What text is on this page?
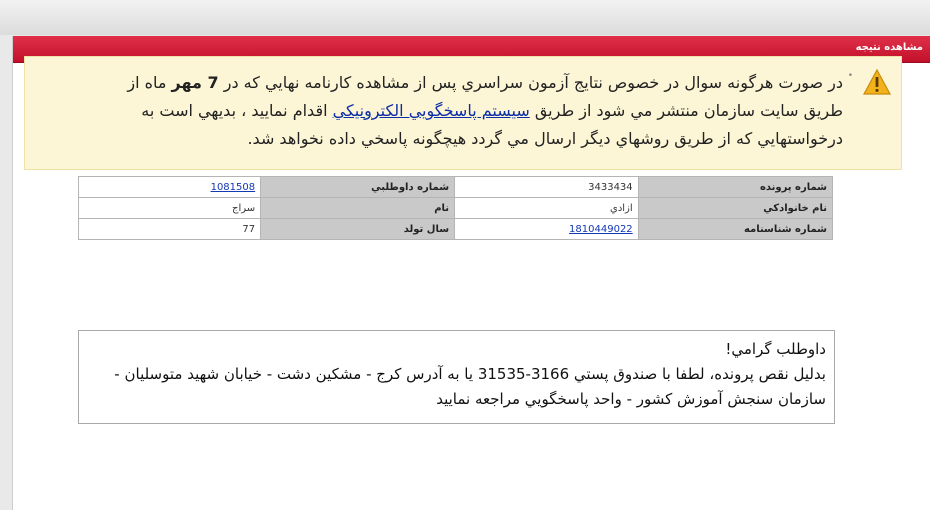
مشاهده نتیجه
•
در صورت هرگونه سوال در خصوص نتايج آزمون سراسري پس از مشاهده كارنامه نهايي كه در 7 مهر ماه از
طريق سايت سازمان منتشر مي شود از طريق سيستم پاسخگويي الكترونيكي اقدام نماييد ، بديهي است به
درخواستهايي كه از طريق روشهاي ديگر ارسال مي گردد هيچگونه پاسخي داده نخواهد شد.
شماره پرونده	3433434	شماره داوطلبي	1081508
نام خانوادكي	ازادي	نام	سراج
شماره شناسنامه	1810449022	سال تولد	77
داوطلب گرامي!
بدليل نقص پرونده، لطفا با صندوق پستي 3166-31535 يا به آدرس كرج - مشكين دشت - خيابان شهيد متوسليان - سازمان سنجش آموزش كشور - واحد پاسخگويي مراجعه نماييد
